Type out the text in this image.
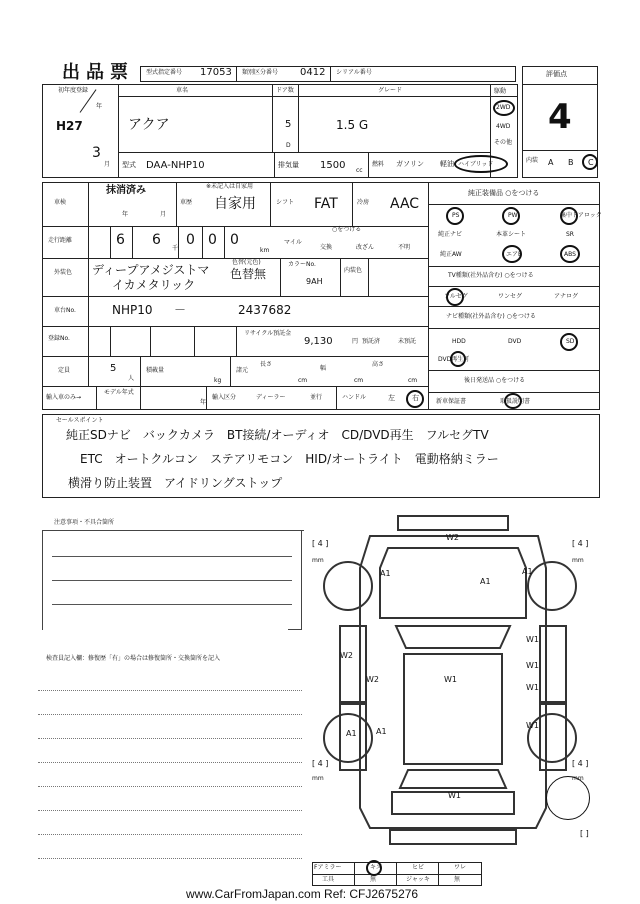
出品票 型式指定番号 17053 類別区分番号 0412 シリアル番号	評価点
4
内装 A B C
初年度登録
年
H27
3
月
車名
アクア
ドア数
5
D
グレード
1.5 G
駆動
2WD
4WD
その他
型式 DAA-NHP10	排気量 1500 cc
燃料 ガソリン 軽油 ハイブリッド
車検
抹消済み
年	月
車歴
※未記入は自家用
自家用	シフト FAT	冷房 AAC
走行距離	6 6
千
0 0 0
km
マイル
○をつける
交換	改ざん	不明
外装色 ディープアメジストマ
イカメタリック
色替(元色)
色替無
カラーNo.
9AH
内装色
車台No.	NHP10 －	2437682
登録No.
リサイクル預託金
9,130	円 預託済	未預託
定員	5
人
積載量
kg
諸元
長さ
cm
幅
cm
高さ
cm
輸入車のみ→
モデル年式
年
輸入区分	ディーラー	並行	ハンドル	左 右
純正装備品 ○をつける
PS	PW	集中ドアロック
純正ナビ	本革シート	SR
純正AW	エアB	ABS
TV種類(社外品含む) ○をつける
フルセグ	ワンセグ	アナログ
ナビ種類(社外品含む) ○をつける
HDD	DVD	SD
DVD再生可
後日発送品 ○をつける
新車保証書	取扱説明書
セールスポイント
純正SDナビ　バックカメラ　BT接続/オーディオ　CD/DVD再生　フルセグTV
ETC　オートクルコン　ステアリモコン　HID/オートライト　電動格納ミラー
横滑り防止装置　アイドリングストップ
注意事項・不具合箇所
検査員記入欄：修復歴「有」の場合は修復箇所・交換箇所を記入
W2
A1
A1
A1
W1
W1
W2
W2	W1
W1
A1 A1
W1
W1
[ 4 ]
mm
[ 4 ]
mm
[ 4 ]
mm
[ 4 ]
mm
[ ]
Fアミラー	キズ	ヒビ	ワレ
工具	無	ジャッキ	無
www.CarFromJapan.com Ref: CFJ2675276
